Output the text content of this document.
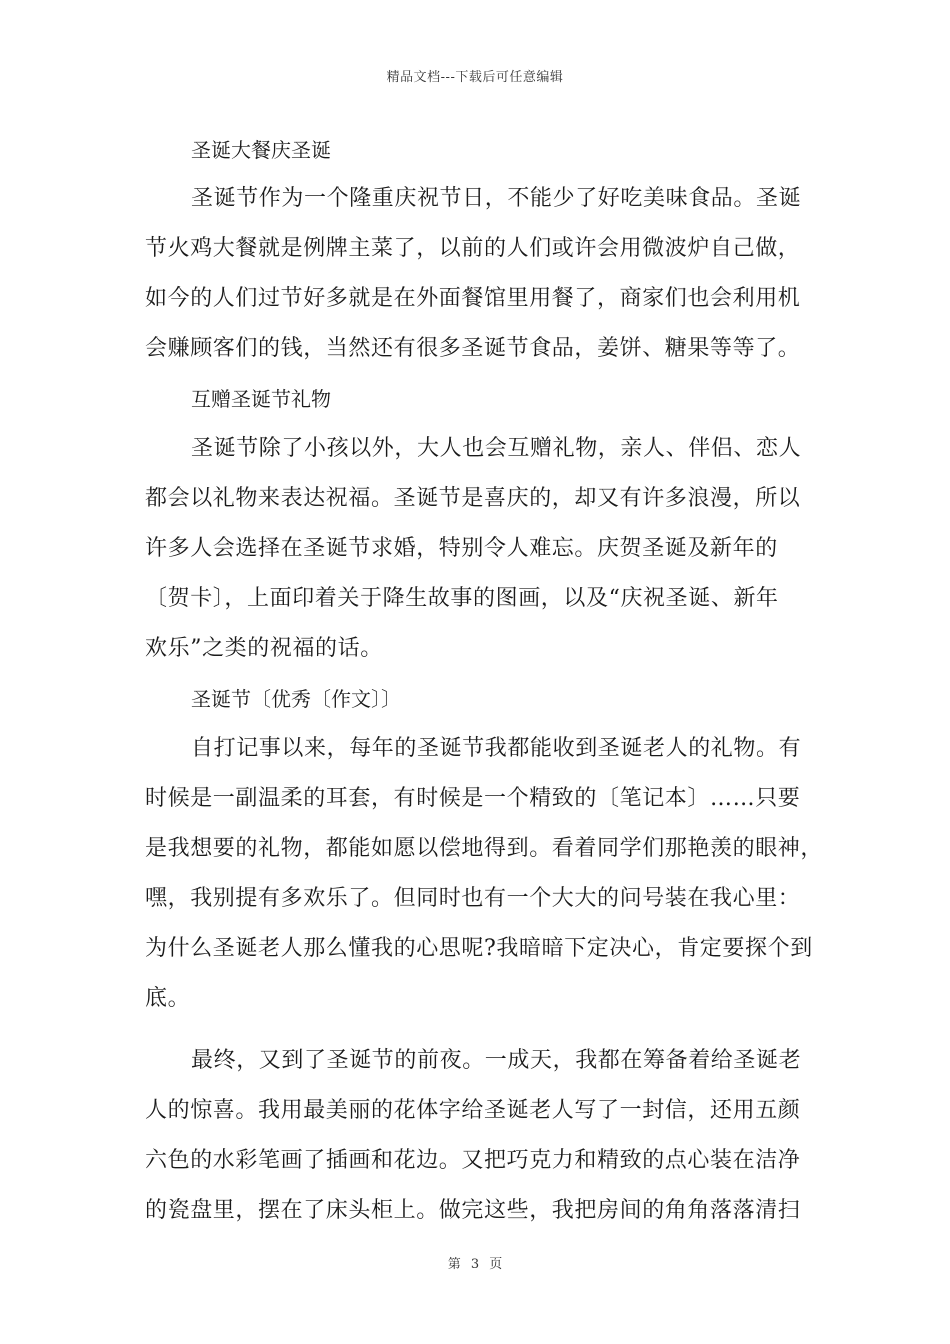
精品文档---下载后可任意编辑
圣诞大餐庆圣诞

圣诞节作为一个隆重庆祝节日，不能少了好吃美味食品。圣诞
节火鸡大餐就是例牌主菜了，以前的人们或许会用微波炉自己做，
如今的人们过节好多就是在外面餐馆里用餐了，商家们也会利用机
会赚顾客们的钱，当然还有很多圣诞节食品，姜饼、糖果等等了。

互赠圣诞节礼物

圣诞节除了小孩以外，大人也会互赠礼物，亲人、伴侣、恋人
都会以礼物来表达祝福。圣诞节是喜庆的，却又有许多浪漫，所以
许多人会选择在圣诞节求婚，特别令人难忘。庆贺圣诞及新年的
〔贺卡〕，上面印着关于降生故事的图画，以及“庆祝圣诞、新年
欢乐”之类的祝福的话。

圣诞节〔优秀〔作文〕〕

自打记事以来，每年的圣诞节我都能收到圣诞老人的礼物。有
时候是一副温柔的耳套，有时候是一个精致的〔笔记本〕……只要
是我想要的礼物，都能如愿以偿地得到。看着同学们那艳羡的眼神，
嘿，我别提有多欢乐了。但同时也有一个大大的问号装在我心里：
为什么圣诞老人那么懂我的心思呢?我暗暗下定决心，肯定要探个到
底。

最终，又到了圣诞节的前夜。一成天，我都在筹备着给圣诞老
人的惊喜。我用最美丽的花体字给圣诞老人写了一封信，还用五颜
六色的水彩笔画了插画和花边。又把巧克力和精致的点心装在洁净
的瓷盘里，摆在了床头柜上。做完这些，我把房间的角角落落清扫

第 3 页
